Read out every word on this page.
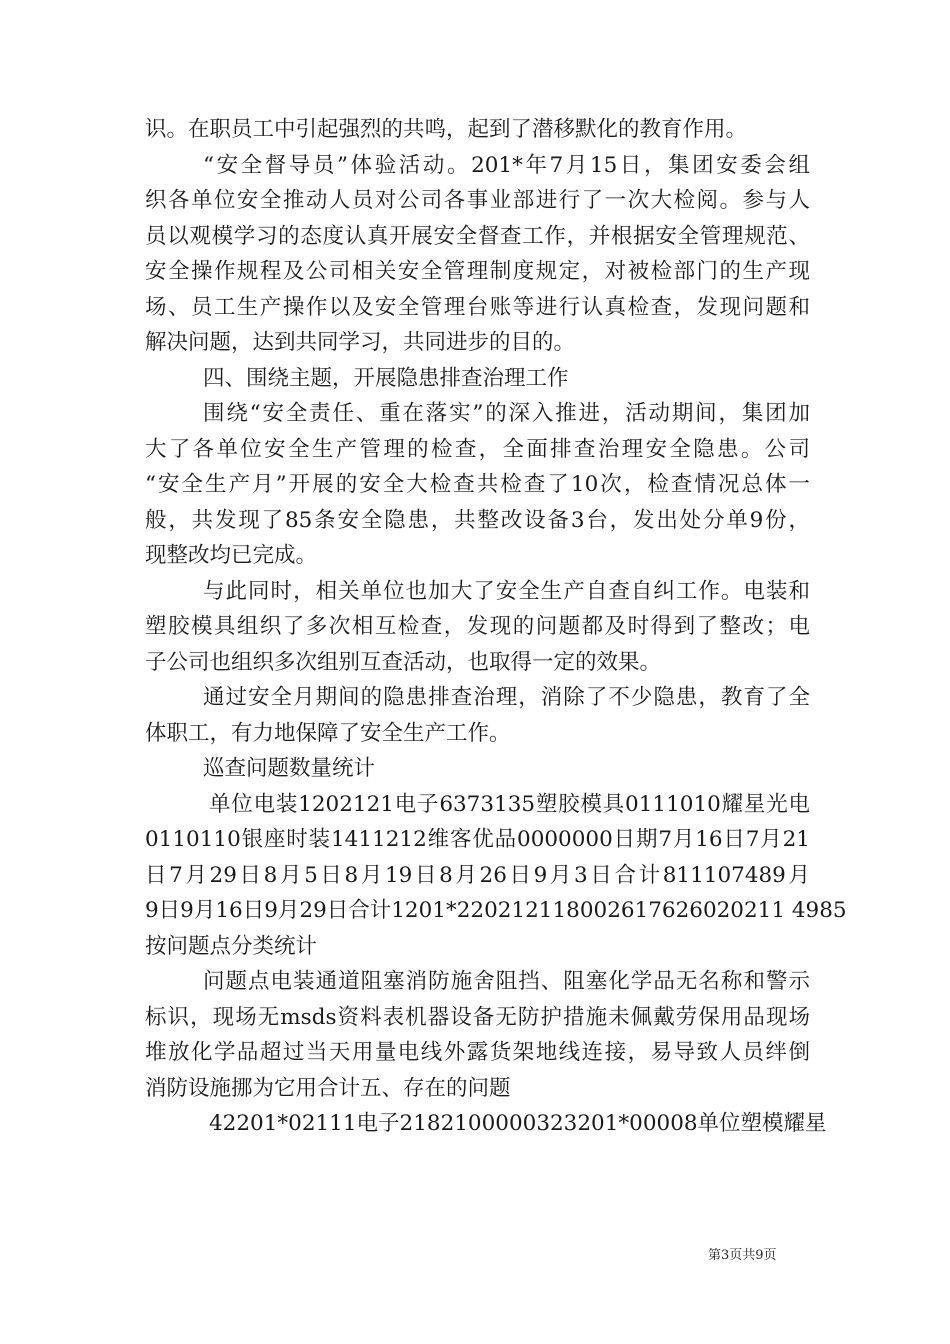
识。在职员工中引起强烈的共鸣，起到了潜移默化的教育作用。
“安全督导员”体验活动。201*年7月15日，集团安委会组
织各单位安全推动人员对公司各事业部进行了一次大检阅。参与人
员以观模学习的态度认真开展安全督查工作，并根据安全管理规范、
安全操作规程及公司相关安全管理制度规定，对被检部门的生产现
场、员工生产操作以及安全管理台账等进行认真检查，发现问题和
解决问题，达到共同学习，共同进步的目的。
四、围绕主题，开展隐患排查治理工作
围绕“安全责任、重在落实”的深入推进，活动期间，集团加
大了各单位安全生产管理的检查，全面排查治理安全隐患。公司
“安全生产月”开展的安全大检查共检查了10次，检查情况总体一
般，共发现了85条安全隐患，共整改设备3台，发出处分单9份，
现整改均已完成。
与此同时，相关单位也加大了安全生产自查自纠工作。电装和
塑胶模具组织了多次相互检查，发现的问题都及时得到了整改；电
子公司也组织多次组别互查活动，也取得一定的效果。
通过安全月期间的隐患排查治理，消除了不少隐患，教育了全
体职工，有力地保障了安全生产工作。
巡查问题数量统计
单位电装1202121电子6373135塑胶模具0111010耀星光电
0110110银座时装1411212维客优品0000000日期7月16日7月21
日7月29日8月5日8月19日8月26日9月3日合计811107489月
9日9月16日9月29日合计1201*220212118002617626020211 4985
按问题点分类统计
问题点电装通道阻塞消防施舍阻挡、阻塞化学品无名称和警示
标识，现场无msds资料表机器设备无防护措施未佩戴劳保用品现场
堆放化学品超过当天用量电线外露货架地线连接，易导致人员绊倒
消防设施挪为它用合计五、存在的问题
42201*02111电子2182100000323201*00008单位塑模耀星
第3页共9页
